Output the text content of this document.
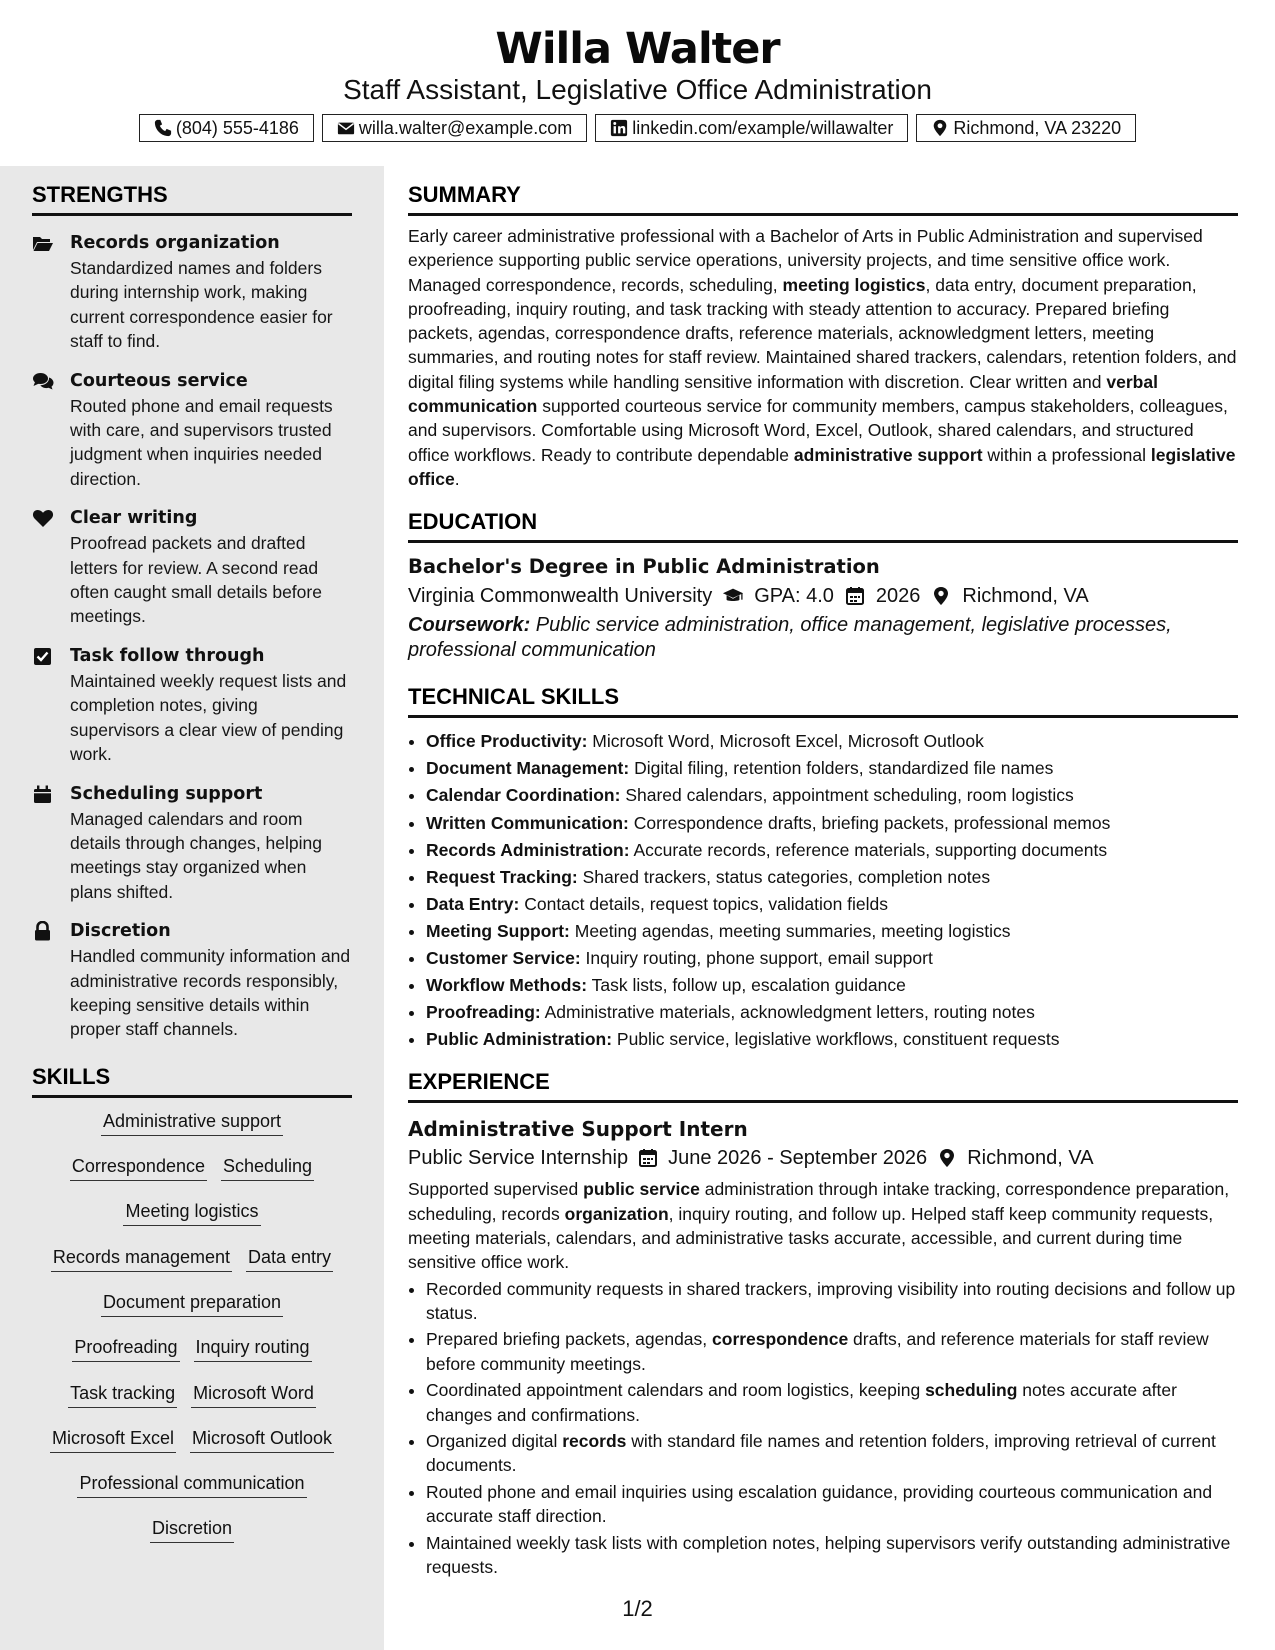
Willa Walter
Staff Assistant, Legislative Office Administration
(804) 555-4186	willa.walter@example.com	linkedin.com/example/willawalter	Richmond, VA 23220
STRENGTHS
Records organization
Standardized names and folders during internship work, making current correspondence easier for staff to find.
Courteous service
Routed phone and email requests with care, and supervisors trusted judgment when inquiries needed direction.
Clear writing
Proofread packets and drafted letters for review. A second read often caught small details before meetings.
Task follow through
Maintained weekly request lists and completion notes, giving supervisors a clear view of pending work.
Scheduling support
Managed calendars and room details through changes, helping meetings stay organized when plans shifted.
Discretion
Handled community information and administrative records responsibly, keeping sensitive details within proper staff channels.
SKILLS
Administrative support
Correspondence Scheduling
Meeting logistics
Records management Data entry
Document preparation
Proofreading Inquiry routing
Task tracking Microsoft Word
Microsoft Excel Microsoft Outlook
Professional communication
Discretion
SUMMARY
Early career administrative professional with a Bachelor of Arts in Public Administration and supervised experience supporting public service operations, university projects, and time sensitive office work. Managed correspondence, records, scheduling, meeting logistics, data entry, document preparation, proofreading, inquiry routing, and task tracking with steady attention to accuracy. Prepared briefing packets, agendas, correspondence drafts, reference materials, acknowledgment letters, meeting summaries, and routing notes for staff review. Maintained shared trackers, calendars, retention folders, and digital filing systems while handling sensitive information with discretion. Clear written and verbal communication supported courteous service for community members, campus stakeholders, colleagues, and supervisors. Comfortable using Microsoft Word, Excel, Outlook, shared calendars, and structured office workflows. Ready to contribute dependable administrative support within a professional legislative office.
EDUCATION
Bachelor's Degree in Public Administration
Virginia Commonwealth University GPA: 4.0 2026 Richmond, VA
Coursework: Public service administration, office management, legislative processes, professional communication
TECHNICAL SKILLS
• Office Productivity: Microsoft Word, Microsoft Excel, Microsoft Outlook
• Document Management: Digital filing, retention folders, standardized file names
• Calendar Coordination: Shared calendars, appointment scheduling, room logistics
• Written Communication: Correspondence drafts, briefing packets, professional memos
• Records Administration: Accurate records, reference materials, supporting documents
• Request Tracking: Shared trackers, status categories, completion notes
• Data Entry: Contact details, request topics, validation fields
• Meeting Support: Meeting agendas, meeting summaries, meeting logistics
• Customer Service: Inquiry routing, phone support, email support
• Workflow Methods: Task lists, follow up, escalation guidance
• Proofreading: Administrative materials, acknowledgment letters, routing notes
• Public Administration: Public service, legislative workflows, constituent requests
EXPERIENCE
Administrative Support Intern
Public Service Internship June 2026 - September 2026 Richmond, VA
Supported supervised public service administration through intake tracking, correspondence preparation, scheduling, records organization, inquiry routing, and follow up. Helped staff keep community requests, meeting materials, calendars, and administrative tasks accurate, accessible, and current during time sensitive office work.
• Recorded community requests in shared trackers, improving visibility into routing decisions and follow up status.
• Prepared briefing packets, agendas, correspondence drafts, and reference materials for staff review before community meetings.
• Coordinated appointment calendars and room logistics, keeping scheduling notes accurate after changes and confirmations.
• Organized digital records with standard file names and retention folders, improving retrieval of current documents.
• Routed phone and email inquiries using escalation guidance, providing courteous communication and accurate staff direction.
• Maintained weekly task lists with completion notes, helping supervisors verify outstanding administrative requests.
1/2
